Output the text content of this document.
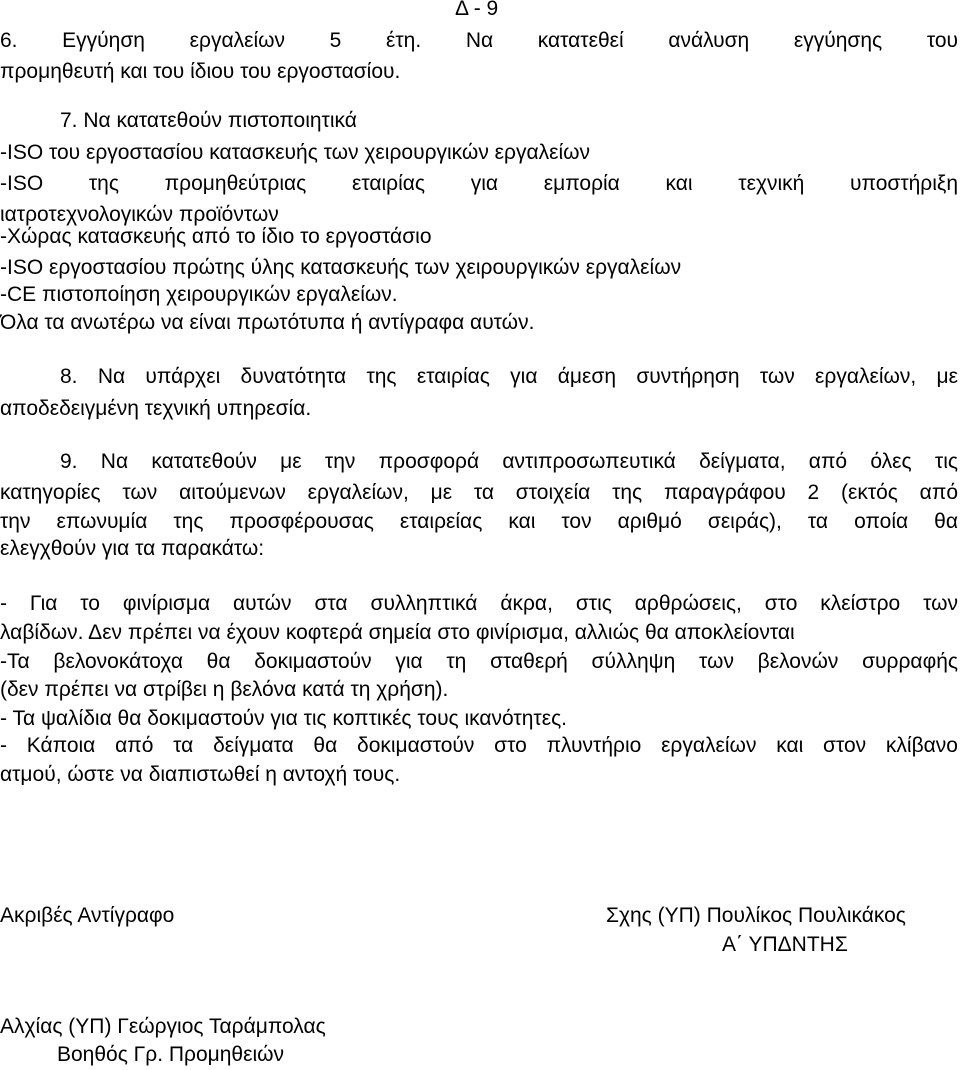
Δ - 9
6. Εγγύηση εργαλείων 5 έτη. Να κατατεθεί ανάλυση εγγύησης του
προμηθευτή και του ίδιου του εργοστασίου.
7. Να κατατεθούν πιστοποιητικά
-ISO του εργοστασίου κατασκευής των χειρουργικών εργαλείων
-ISO της προμηθεύτριας εταιρίας για εμπορία και τεχνική υποστήριξη
ιατροτεχνολογικών προϊόντων
-Χώρας κατασκευής από το ίδιο το εργοστάσιο
-ISO εργοστασίου πρώτης ύλης κατασκευής των χειρουργικών εργαλείων
-CE πιστοποίηση χειρουργικών εργαλείων.
Όλα τα ανωτέρω να είναι πρωτότυπα ή αντίγραφα αυτών.
8. Να υπάρχει δυνατότητα της εταιρίας για άμεση συντήρηση των εργαλείων, με
αποδεδειγμένη τεχνική υπηρεσία.
9. Να κατατεθούν με την προσφορά αντιπροσωπευτικά δείγματα, από όλες τις
κατηγορίες των αιτούμενων εργαλείων, με τα στοιχεία της παραγράφου 2 (εκτός από
την επωνυμία της προσφέρουσας εταιρείας και τον αριθμό σειράς), τα οποία θα
ελεγχθούν για τα παρακάτω:
- Για το φινίρισμα αυτών στα συλληπτικά άκρα, στις αρθρώσεις, στο κλείστρο των
λαβίδων. Δεν πρέπει να έχουν κοφτερά σημεία στο φινίρισμα, αλλιώς θα αποκλείονται
-Τα βελονοκάτοχα θα δοκιμαστούν για τη σταθερή σύλληψη των βελονών συρραφής
(δεν πρέπει να στρίβει η βελόνα κατά τη χρήση).
- Τα ψαλίδια θα δοκιμαστούν για τις κοπτικές τους ικανότητες.
- Κάποια από τα δείγματα θα δοκιμαστούν στο πλυντήριο εργαλείων και στον κλίβανο
ατμού, ώστε να διαπιστωθεί η αντοχή τους.
Ακριβές Αντίγραφο	Σχης (ΥΠ) Πουλίκος Πουλικάκος
Α΄ ΥΠΔΝΤΗΣ
Αλχίας (ΥΠ) Γεώργιος Ταράμπολας
Βοηθός Γρ. Προμηθειών
